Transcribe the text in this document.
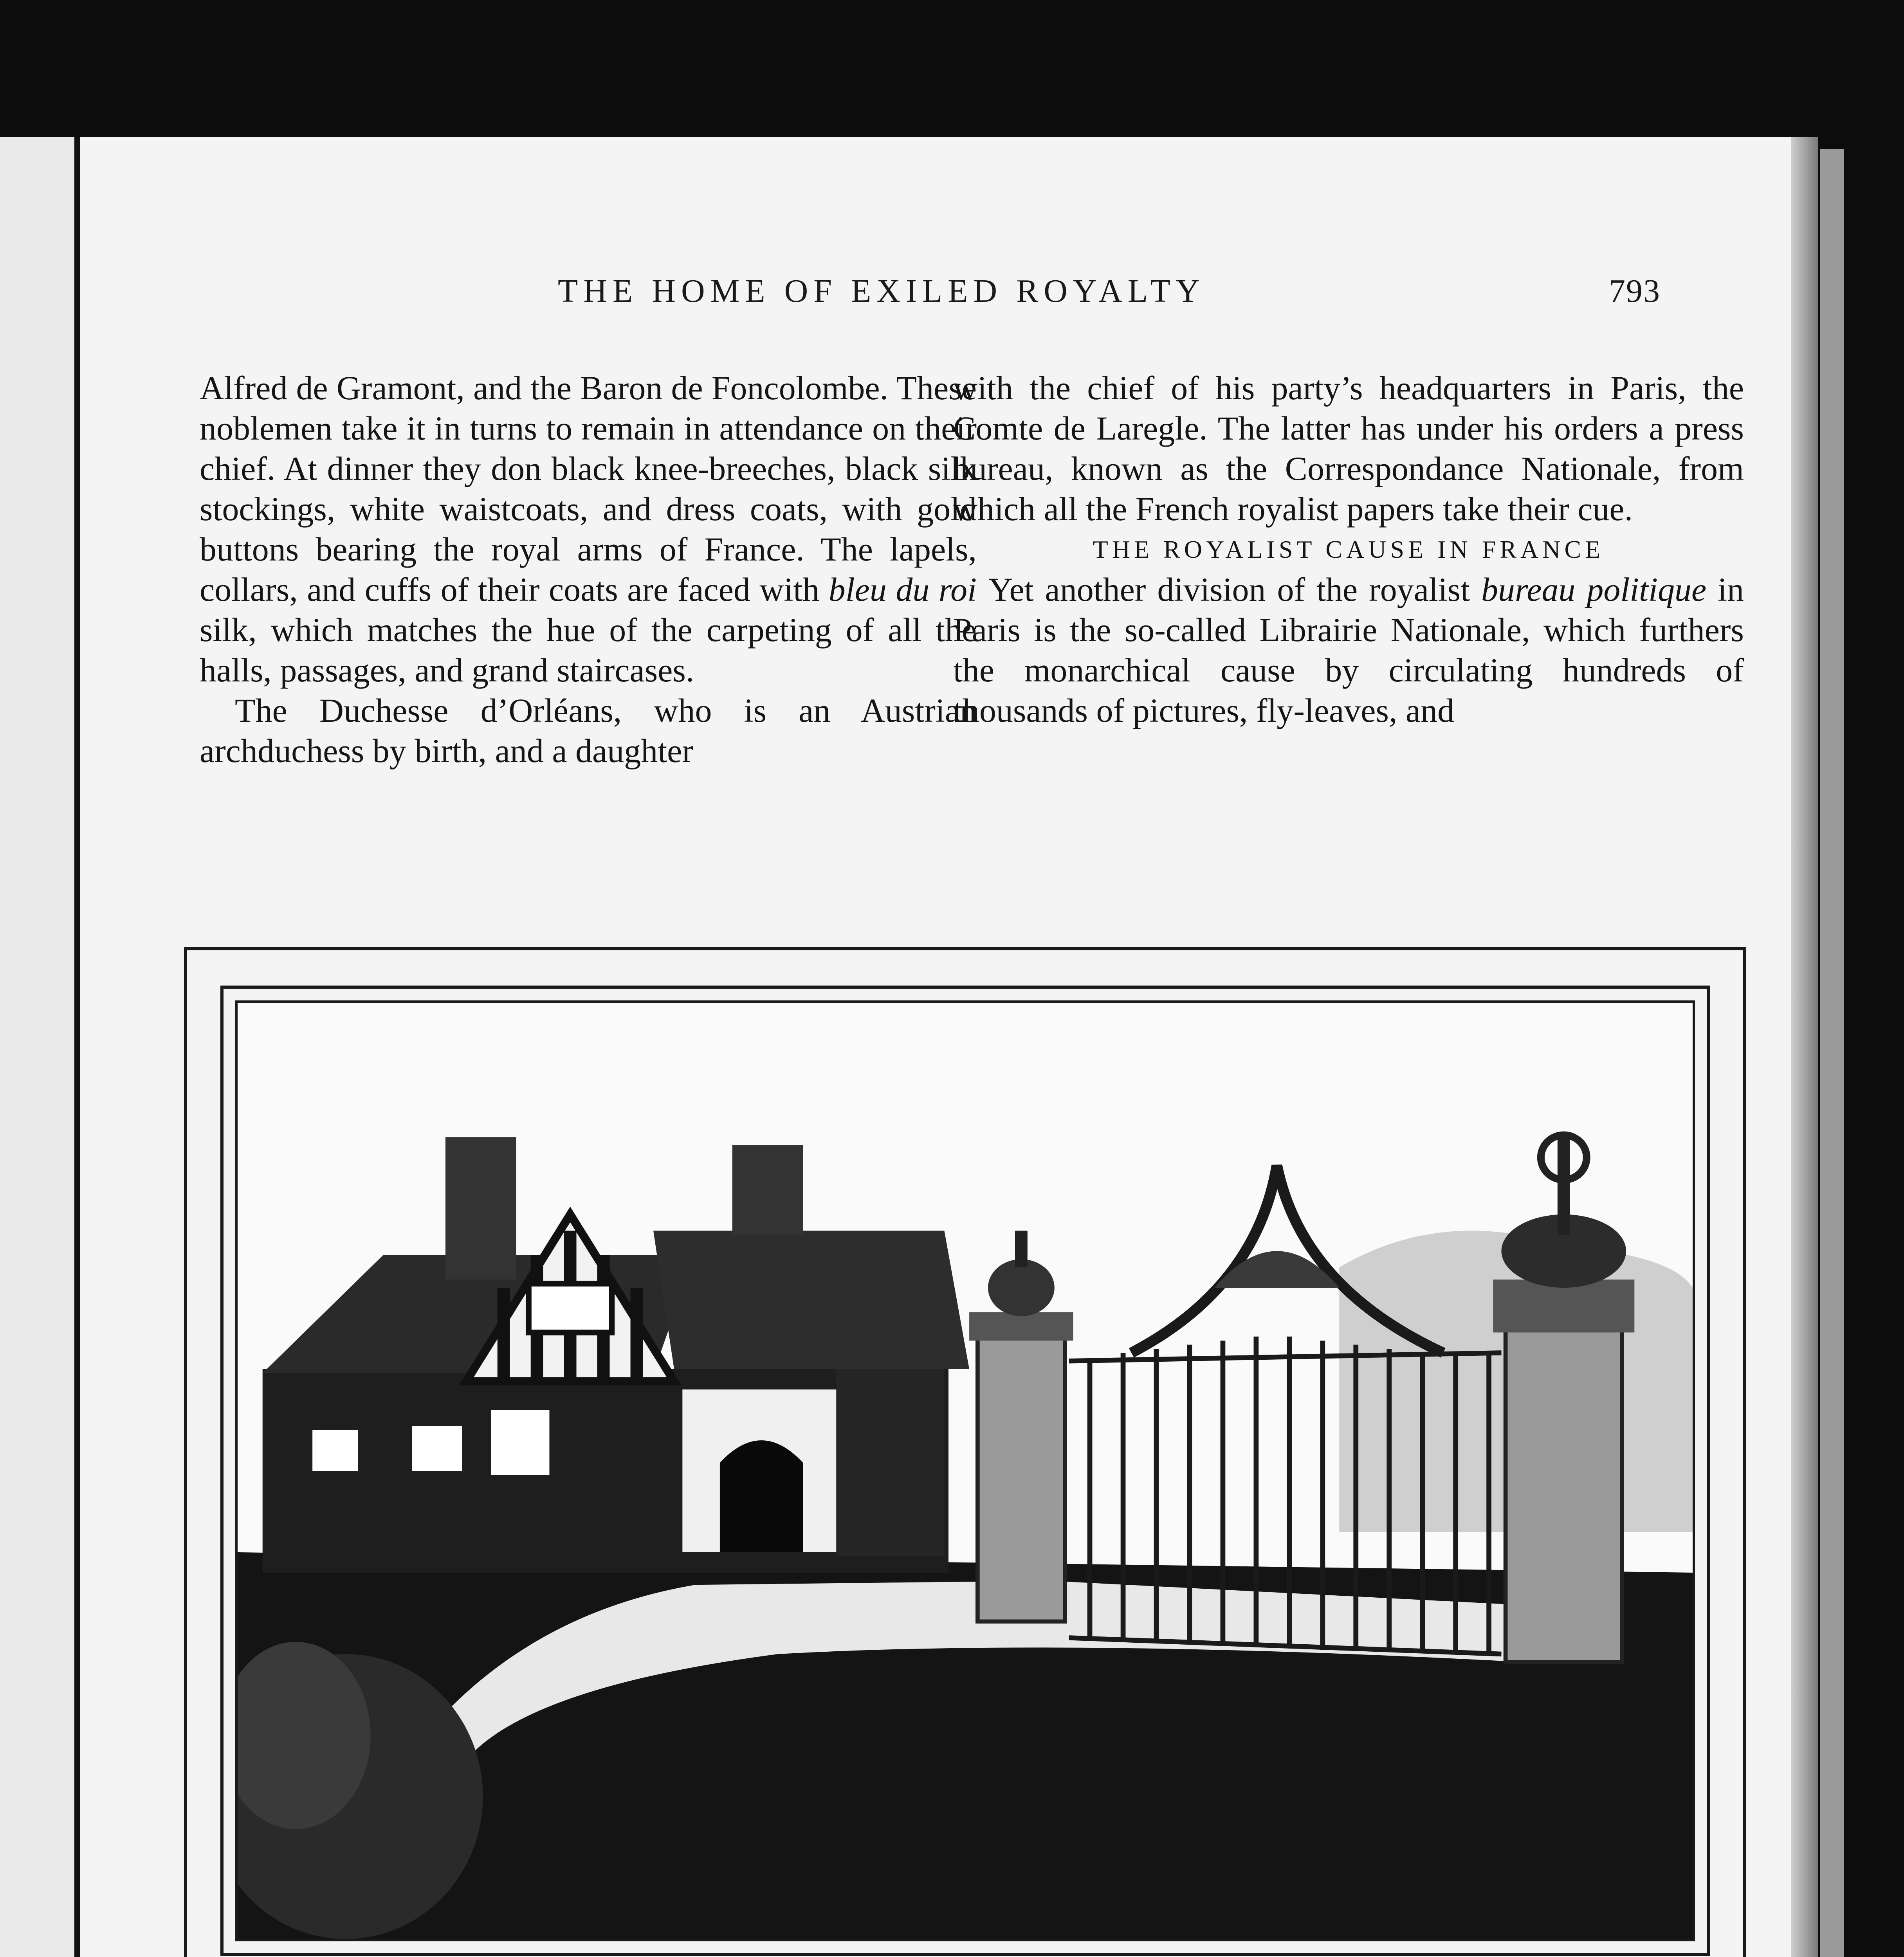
THE HOME OF EXILED ROYALTY	793

Alfred de Gramont, and the Baron de Foncolombe. These noblemen take it in turns to remain in attendance on their chief. At dinner they don black knee-breeches, black silk stockings, white waistcoats, and dress coats, with gold buttons bearing the royal arms of France. The lapels, collars, and cuffs of their coats are faced with bleu du roi silk, which matches the hue of the carpeting of all the halls, passages, and grand staircases.

The Duchesse d’Orléans, who is an Austrian archduchess by birth, and a daughter

with the chief of his party’s headquarters in Paris, the Comte de Laregle. The latter has under his orders a press bureau, known as the Correspondance Nationale, from which all the French royalist papers take their cue.

THE ROYALIST CAUSE IN FRANCE

Yet another division of the royalist bureau politique in Paris is the so-called Librairie Nationale, which furthers the monarchical cause by circulating hundreds of thousands of pictures, fly-leaves, and
